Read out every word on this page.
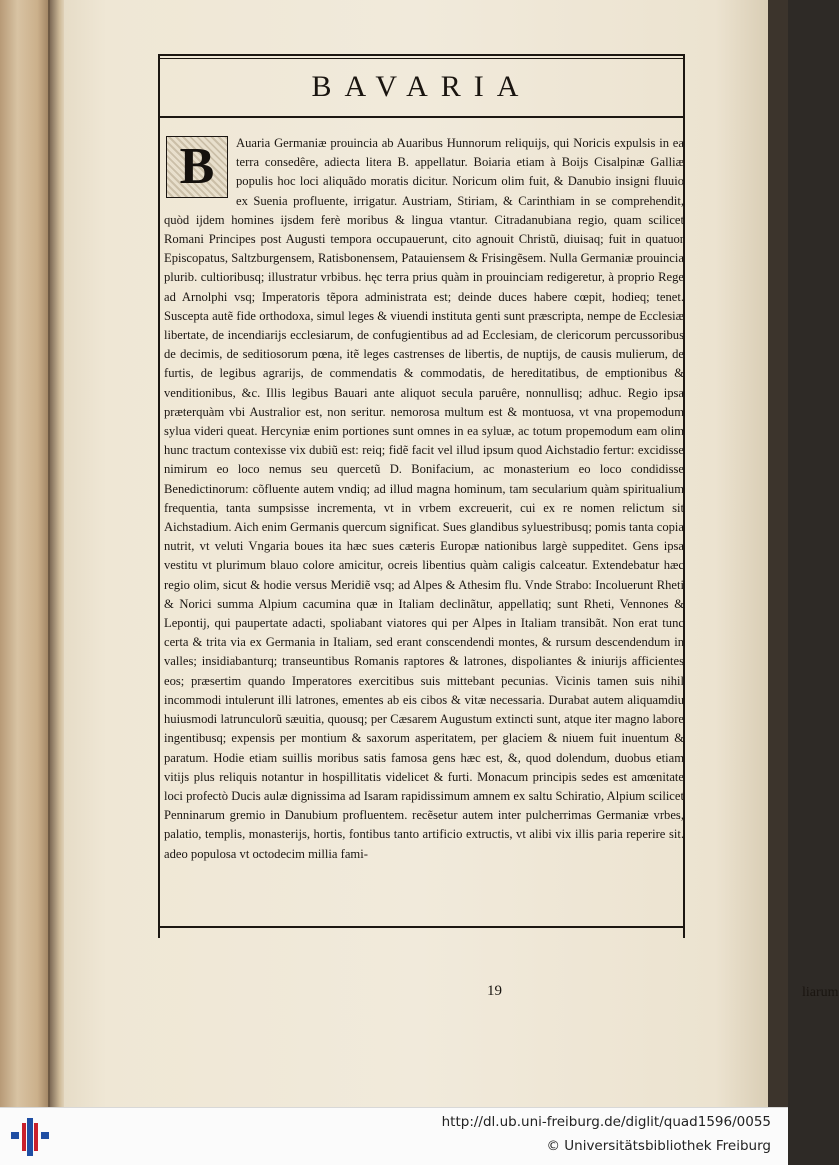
BAVARIA

B	Auaria Germaniæ prouincia ab Auaribus Hunnorum reliquijs, qui Noricis expulsis in ea terra consedêre, adiecta litera B. appellatur. Boiaria etiam à Boijs Cisalpinæ Galliæ populis hoc loci aliquãdo moratis dicitur. Noricum olim fuit, & Danubio insigni fluuio ex Suenia profluente, irrigatur. Austriam, Stiriam, & Carinthiam in se comprehendit, quòd ijdem homines ijsdem ferè moribus & lingua vtantur. Citradanubiana regio, quam scilicet Romani Principes post Augusti tempora occupauerunt, cito agnouit Christũ, diuisaq; fuit in quatuor Episcopatus, Saltzburgensem, Ratisbonensem, Patauiensem & Frisingẽsem. Nulla Germaniæ prouincia plurib. cultioribusq; illustratur vrbibus. hęc terra prius quàm in prouinciam redigeretur, à proprio Rege ad Arnolphi vsq; Imperatoris tẽpora administrata est; deinde duces habere cœpit, hodieq; tenet. Suscepta autẽ fide orthodoxa, simul leges & viuendi instituta genti sunt præscripta, nempe de Ecclesiæ libertate, de incendiarijs ecclesiarum, de confugientibus ad ad Ecclesiam, de clericorum percussoribus de decimis, de seditiosorum pœna, itẽ leges castrenses de libertis, de nuptijs, de causis mulierum, de furtis, de legibus agrarijs, de commendatis & commodatis, de hereditatibus, de emptionibus & venditionibus, &c. Illis legibus Bauari ante aliquot secula paruêre, nonnullisq; adhuc. Regio ipsa præterquàm vbi Australior est, non seritur. nemorosa multum est & montuosa, vt vna propemodum sylua videri queat. Hercyniæ enim portiones sunt omnes in ea syluæ, ac totum propemodum eam olim hunc tractum contexisse vix dubiũ est: reiq; fidẽ facit vel illud ipsum quod Aichstadio fertur: excidisse nimirum eo loco nemus seu quercetũ D. Bonifacium, ac monasterium eo loco condidisse Benedictinorum: cõfluente autem vndiq; ad illud magna hominum, tam secularium quàm spiritualium frequentia, tanta sumpsisse incrementa, vt in vrbem excreuerit, cui ex re nomen relictum sit Aichstadium. Aich enim Germanis quercum significat. Sues glandibus syluestribusq; pomis tanta copia nutrit, vt veluti Vngaria boues ita hæc sues cæteris Europæ nationibus largè suppeditet. Gens ipsa vestitu vt plurimum blauo colore amicitur, ocreis libentius quàm caligis calceatur. Extendebatur hæc regio olim, sicut & hodie versus Meridiẽ vsq; ad Alpes & Athesim flu. Vnde Strabo: Incoluerunt Rheti & Norici summa Alpium cacumina quæ in Italiam declinãtur, appellatiq; sunt Rheti, Vennones & Lepontij, qui paupertate adacti, spoliabant viatores qui per Alpes in Italiam transibãt. Non erat tunc certa & trita via ex Germania in Italiam, sed erant conscendendi montes, & rursum descendendum in valles; insidiabanturq; transeuntibus Romanis raptores & latrones, dispoliantes & iniurijs afficientes eos; præsertim quando Imperatores exercitibus suis mittebant pecunias. Vicinis tamen suis nihil incommodi intulerunt illi latrones, ementes ab eis cibos & vitæ necessaria. Durabat autem aliquamdiu huiusmodi latrunculorũ sæuitia, quousq; per Cæsarem Augustum extincti sunt, atque iter magno labore ingentibusq; expensis per montium & saxorum asperitatem, per glaciem & niuem fuit inuentum & paratum. Hodie etiam suillis moribus satis famosa gens hæc est, &, quod dolendum, duobus etiam vitijs plus reliquis notantur in hospillitatis videlicet & furti. Monacum principis sedes est amœnitate loci profectò Ducis aulæ dignissima ad Isaram rapidissimum amnem ex saltu Schiratio, Alpium scilicet Penninarum gremio in Danubium profluentem. recẽsetur autem inter pulcherrimas Germaniæ vrbes, palatio, templis, monasterijs, hortis, fontibus tanto artificio extructis, vt alibi vix illis paria reperire sit. adeo populosa vt octodecim millia fami-

19	liarum
http://dl.ub.uni-freiburg.de/diglit/quad1596/0055
© Universitätsbibliothek Freiburg
